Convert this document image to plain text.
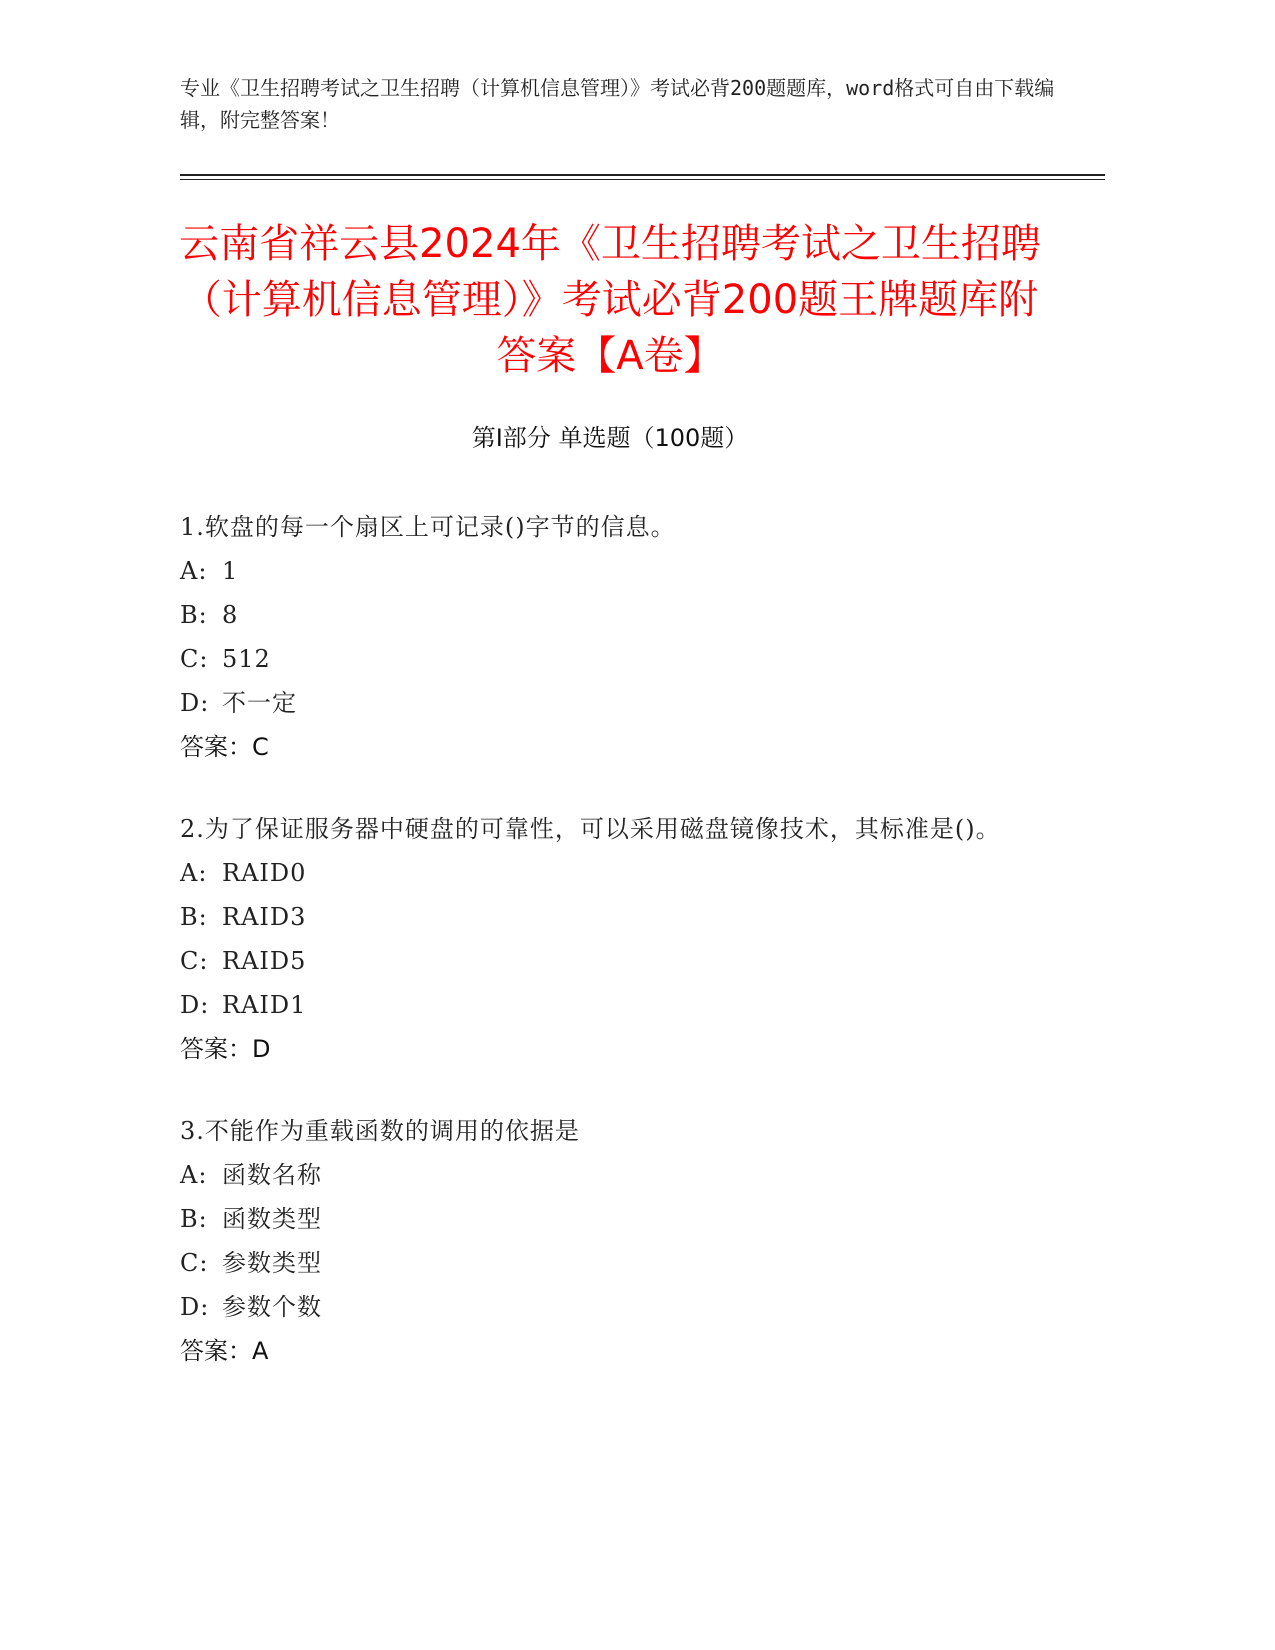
专业《卫生招聘考试之卫生招聘（计算机信息管理）》考试必背200题题库，word格式可自由下载编辑，附完整答案！
云南省祥云县2024年《卫生招聘考试之卫生招聘（计算机信息管理）》考试必背200题王牌题库附答案【A卷】
第Ⅰ部分 单选题（100题）
1.软盘的每一个扇区上可记录()字节的信息。
A: 1
B: 8
C: 512
D: 不一定
答案：C
2.为了保证服务器中硬盘的可靠性，可以采用磁盘镜像技术，其标准是()。
A: RAID0
B: RAID3
C: RAID5
D: RAID1
答案：D
3.不能作为重载函数的调用的依据是
A: 函数名称
B: 函数类型
C: 参数类型
D: 参数个数
答案：A
